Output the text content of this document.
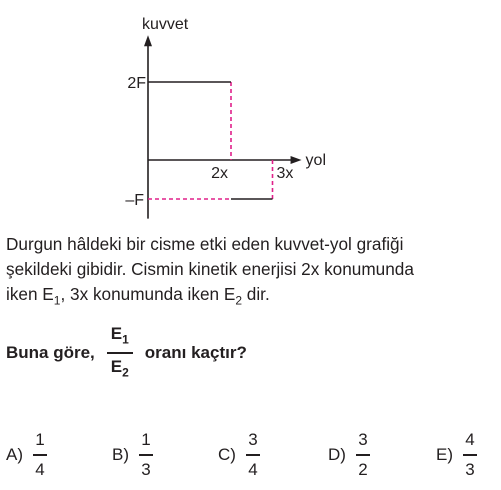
kuvvet
yol
2F
–F
2x	3x
Durgun hâldeki bir cisme etki eden kuvvet-yol grafiği
şekildeki gibidir. Cismin kinetik enerjisi 2x konumunda
iken $E_1$, 3x konumunda iken $E_2$ dir.
Buna göre, $\frac{E_1}{E_2}$ oranı kaçtır?
$A) \frac{1}{4}$	$B) \frac{1}{3}$	$C) \frac{3}{4}$	$D) \frac{3}{2}$	$E) \frac{4}{3}$
